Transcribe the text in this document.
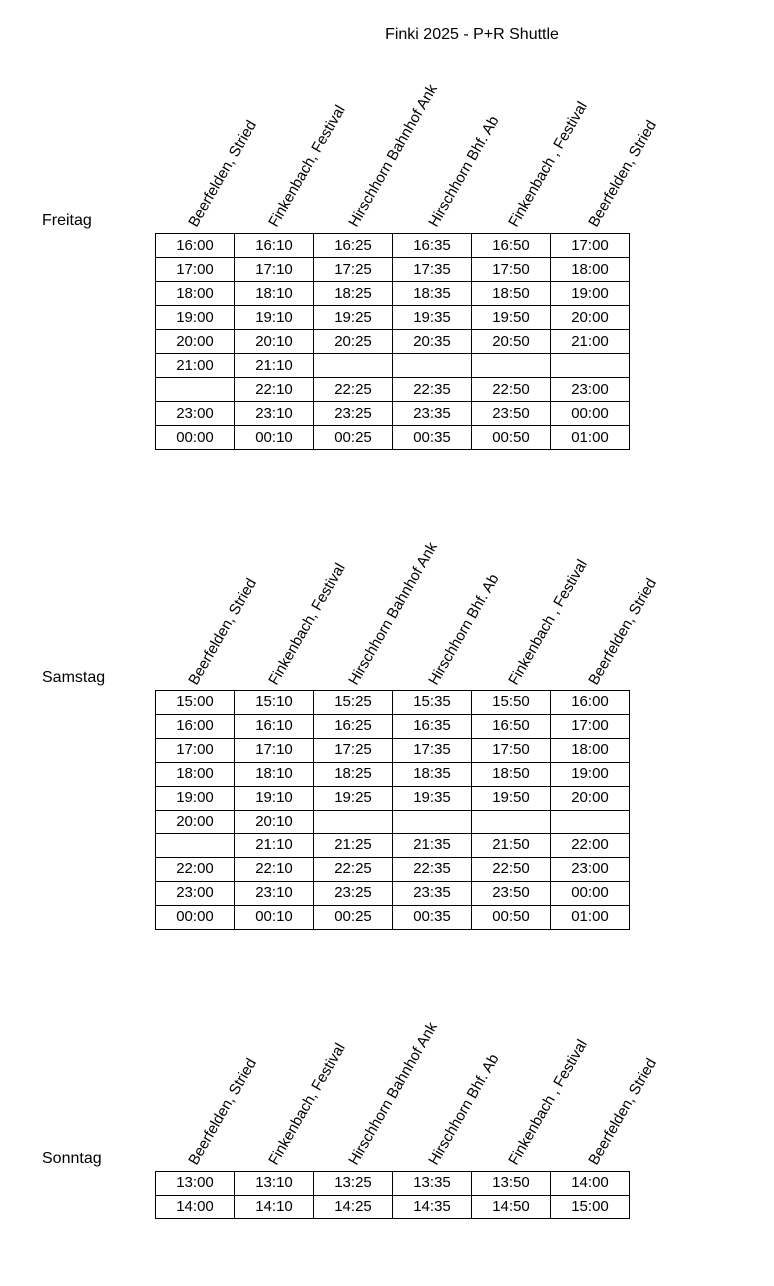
Finki 2025 - P+R Shuttle
Freitag	Beerfelden, Stried Finkenbach, Festival
Hirschhorn Bahnhof Ank
Hirschhorn Bhf. Ab Finkenbach , Festival
Beerfelden, Stried
16:00	16:10	16:25	16:35	16:50	17:00
17:00	17:10	17:25	17:35	17:50	18:00
18:00	18:10	18:25	18:35	18:50	19:00
19:00	19:10	19:25	19:35	19:50	20:00
20:00	20:10	20:25	20:35	20:50	21:00
21:00	21:10				
	22:10	22:25	22:35	22:50	23:00
23:00	23:10	23:25	23:35	23:50	00:00
00:00	00:10	00:25	00:35	00:50	01:00
Samstag	Beerfelden, Stried Finkenbach, Festival
Hirschhorn Bahnhof Ank
Hirschhorn Bhf. Ab Finkenbach , Festival
Beerfelden, Stried
15:00	15:10	15:25	15:35	15:50	16:00
16:00	16:10	16:25	16:35	16:50	17:00
17:00	17:10	17:25	17:35	17:50	18:00
18:00	18:10	18:25	18:35	18:50	19:00
19:00	19:10	19:25	19:35	19:50	20:00
20:00	20:10				
	21:10	21:25	21:35	21:50	22:00
22:00	22:10	22:25	22:35	22:50	23:00
23:00	23:10	23:25	23:35	23:50	00:00
00:00	00:10	00:25	00:35	00:50	01:00
Sonntag	Beerfelden, Stried Finkenbach, Festival
Hirschhorn Bahnhof Ank
Hirschhorn Bhf. Ab Finkenbach , Festival
Beerfelden, Stried
13:00	13:10	13:25	13:35	13:50	14:00
14:00	14:10	14:25	14:35	14:50	15:00
